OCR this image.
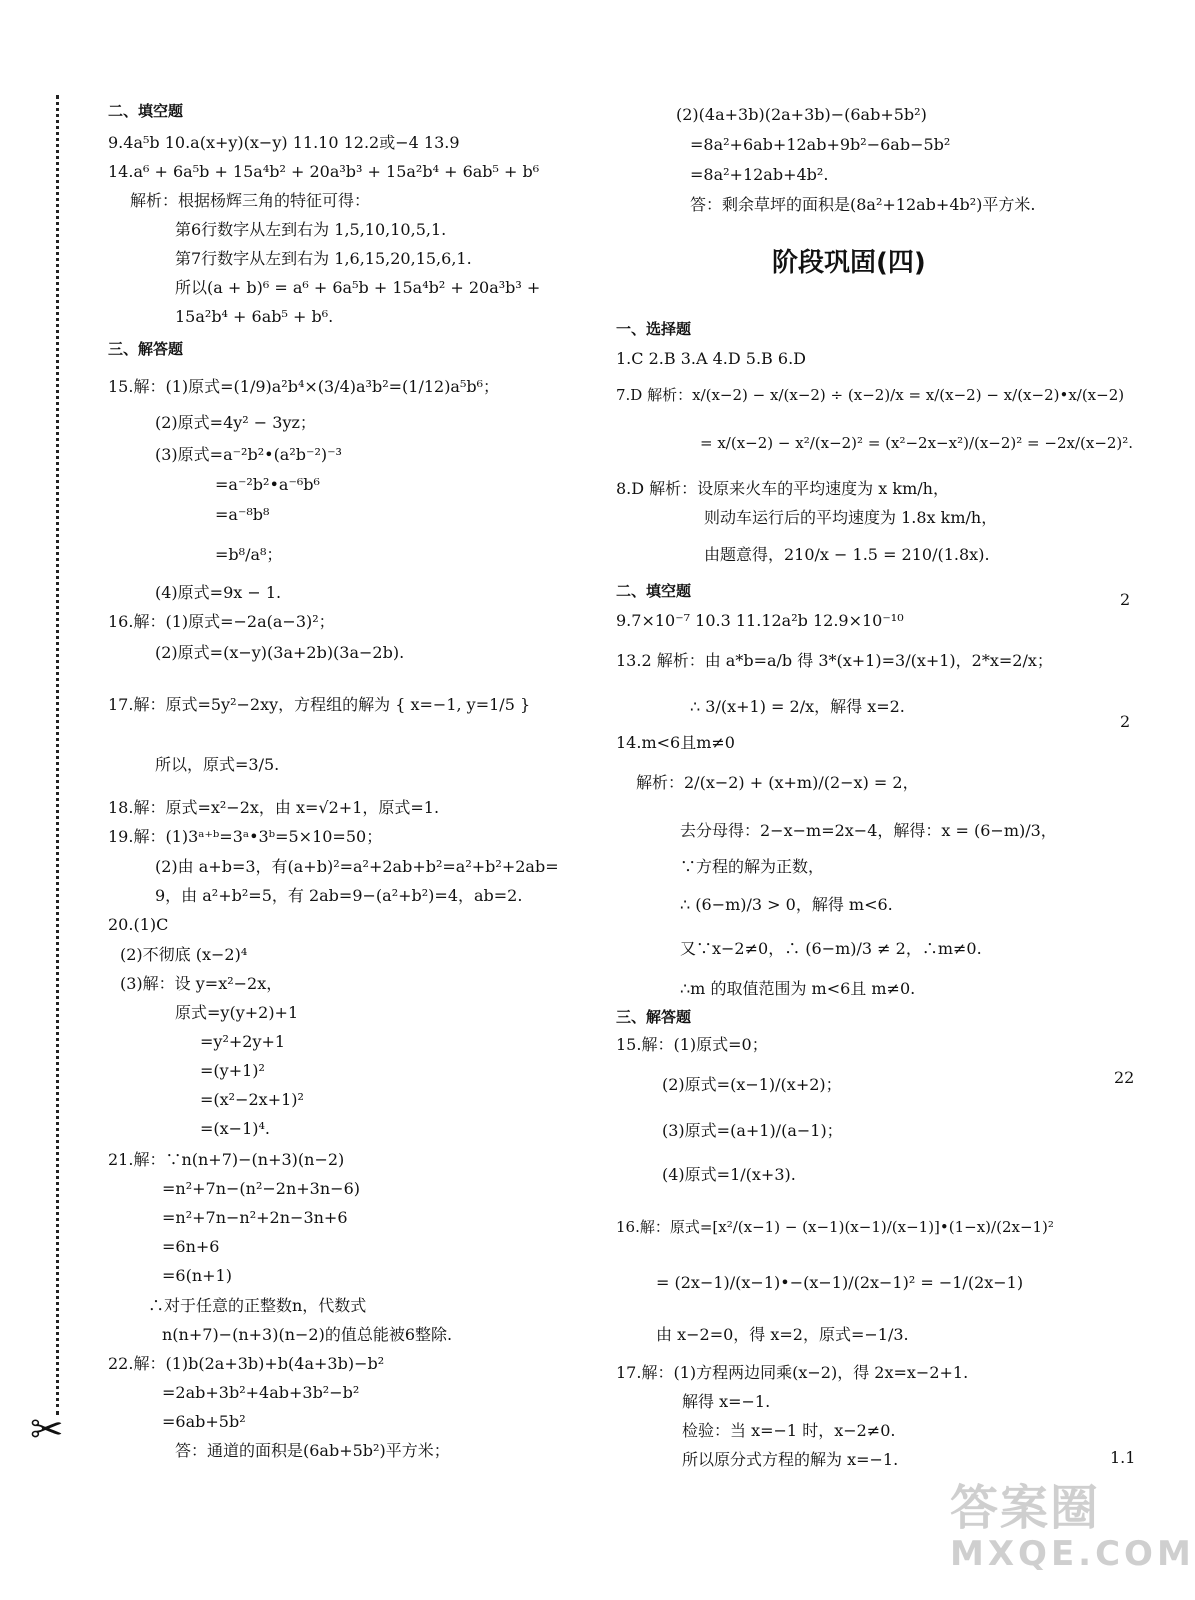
✂
二、填空题
9.4a⁵b 10.a(x+y)(x−y) 11.10 12.2或−4 13.9
14.a⁶ + 6a⁵b + 15a⁴b² + 20a³b³ + 15a²b⁴ + 6ab⁵ + b⁶
解析：根据杨辉三角的特征可得：
第6行数字从左到右为 1,5,10,10,5,1.
第7行数字从左到右为 1,6,15,20,15,6,1.
所以(a + b)⁶ = a⁶ + 6a⁵b + 15a⁴b² + 20a³b³ +
15a²b⁴ + 6ab⁵ + b⁶.
三、解答题
15.解：(1)原式=(1/9)a²b⁴×(3/4)a³b²=(1/12)a⁵b⁶；
(2)原式=4y² − 3yz；
(3)原式=a⁻²b²•(a²b⁻²)⁻³
=a⁻²b²•a⁻⁶b⁶
=a⁻⁸b⁸
=b⁸/a⁸；
(4)原式=9x − 1.
16.解：(1)原式=−2a(a−3)²；
(2)原式=(x−y)(3a+2b)(3a−2b).
17.解：原式=5y²−2xy，方程组的解为 { x=−1, y=1/5 }
所以，原式=3/5.
18.解：原式=x²−2x，由 x=√2+1，原式=1.
19.解：(1)3ᵃ⁺ᵇ=3ᵃ•3ᵇ=5×10=50；
(2)由 a+b=3，有(a+b)²=a²+2ab+b²=a²+b²+2ab=
9，由 a²+b²=5，有 2ab=9−(a²+b²)=4，ab=2.
20.(1)C
(2)不彻底 (x−2)⁴
(3)解：设 y=x²−2x，
原式=y(y+2)+1
=y²+2y+1
=(y+1)²
=(x²−2x+1)²
=(x−1)⁴.
21.解：∵n(n+7)−(n+3)(n−2)
=n²+7n−(n²−2n+3n−6)
=n²+7n−n²+2n−3n+6
=6n+6
=6(n+1)
∴对于任意的正整数n，代数式
n(n+7)−(n+3)(n−2)的值总能被6整除.
22.解：(1)b(2a+3b)+b(4a+3b)−b²
=2ab+3b²+4ab+3b²−b²
=6ab+5b²
答：通道的面积是(6ab+5b²)平方米；
(2)(4a+3b)(2a+3b)−(6ab+5b²)
=8a²+6ab+12ab+9b²−6ab−5b²
=8a²+12ab+4b².
答：剩余草坪的面积是(8a²+12ab+4b²)平方米.
阶段巩固(四)
一、选择题
1.C 2.B 3.A 4.D 5.B 6.D
7.D 解析：x/(x−2) − x/(x−2) ÷ (x−2)/x = x/(x−2) − x/(x−2)•x/(x−2)
= x/(x−2) − x²/(x−2)² = (x²−2x−x²)/(x−2)² = −2x/(x−2)².
8.D 解析：设原来火车的平均速度为 x km/h，
则动车运行后的平均速度为 1.8x km/h，
由题意得，210/x − 1.5 = 210/(1.8x).
二、填空题
9.7×10⁻⁷ 10.3 11.12a²b 12.9×10⁻¹⁰
13.2 解析：由 a*b=a/b 得 3*(x+1)=3/(x+1)，2*x=2/x；
∴ 3/(x+1) = 2/x，解得 x=2.
14.m<6且m≠0
解析：2/(x−2) + (x+m)/(2−x) = 2，
去分母得：2−x−m=2x−4，解得：x = (6−m)/3，
∵方程的解为正数，
∴ (6−m)/3 > 0，解得 m<6.
又∵x−2≠0，∴ (6−m)/3 ≠ 2，∴m≠0.
∴m 的取值范围为 m<6且 m≠0.
三、解答题
15.解：(1)原式=0；
(2)原式=(x−1)/(x+2)；
(3)原式=(a+1)/(a−1)；
(4)原式=1/(x+3).
16.解：原式=[x²/(x−1) − (x−1)(x−1)/(x−1)]•(1−x)/(2x−1)²
= (2x−1)/(x−1)•−(x−1)/(2x−1)² = −1/(2x−1)
由 x−2=0，得 x=2，原式=−1/3.
17.解：(1)方程两边同乘(x−2)，得 2x=x−2+1.
解得 x=−1.
检验：当 x=−1 时，x−2≠0.
所以原分式方程的解为 x=−1.
2
2
22
1.1
答案圈
MXQE.COM
